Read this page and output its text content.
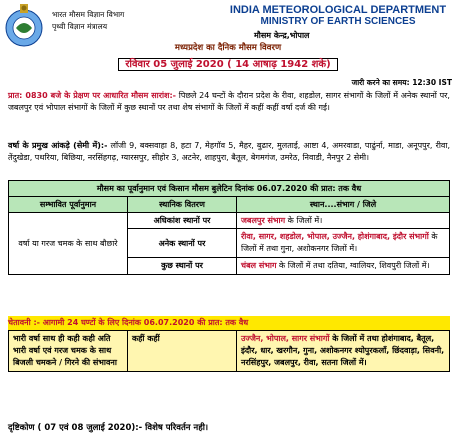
भारत मौसम विज्ञान विभाग
पृथ्वी विज्ञान मंत्रालय
INDIA METEOROLOGICAL DEPARTMENT
MINISTRY OF EARTH SCIENCES
मौसम केन्द्र,भोपाल
मध्यप्रदेश का दैनिक मौसम विवरण
रविवार 05 जुलाई 2020 ( 14 आषाढ़ 1942 शके)
जारी करने का समय: 12:30 IST
प्रात: 0830 बजे के प्रेक्षण पर आधारित मौसम सारांश:- पिछले 24 घन्टों के दौरान प्रदेश के रीवा, शहडोल, सागर संभागों के जिलों में अनेक स्थानों पर, जबलपुर एवं भोपाल संभागों के जिलों में कुछ स्थानों पर तथा शेष संभागों के जिलों में कहीं कहीं वर्षा दर्ज की गई।
वर्षा के प्रमुख आंकड़े (सेमी में):- लॉजी 9, बक्सवाहा 8, हटा 7, मेहगॉव 5, मैहर, बुढार, मुलताई, आष्टा 4, अमरवाडा, पाढुंर्ना, माडा, अनूपपुर, रीवा, तेंदुखेडा, पथरिया, बिछिया, नरसिंहगढ़, ग्यारसपुर, सीहोर 3, अटनेर, शाहपुरा, बैतूल, बेगमगंज, उमरेठ, निवाडी, नैनपुर 2 सेमी।
मौसम का पूर्वानुमान एवं किसान मौसम बुलेटिन दिनांक 06.07.2020 की प्रात: तक वैध		
सम्भावित पूर्वानुमान	स्थानिक वितरण	स्थान....संभाग / जिले
वर्षा या गरज चमक के साथ बौछारे	अधिकांश स्थानों पर	जबलपुर संभाग के जिलों में।
	अनेक स्थानों पर	रीवा, सागर, शहडोल, भोपाल, उज्जैन, होशंगाबाद, इंदौर संभागों के जिलों में तथा गुना, अशोकनगर जिलों में।
	कुछ स्थानों पर	चंबल संभाग के जिलों में तथा दतिया, ग्वालियर, शिवपुरी जिलों में।
चेतावनी :- आगामी 24 घण्टों के लिए दिनांक 06.07.2020 की प्रात: तक वैध
भारी वर्षा साथ ही कही कही अति भारी वर्षा एवं गरज चमक के साथ बिजली चमकने / गिरने की संभावना	कहीं कहीं	उज्जैन, भोपाल, सागर संभागों के जिलों में तथा होशंगाबाद, बैतूल, इंदौर, धार, खरगौन, गुना, अशोकनगर श्योपुरकलाँ, छिंदवाड़ा, सिवनी, नरसिंहपुर, जबलपुर, रीवा, सतना जिलों में।
दृष्टिकोण ( 07 एवं 08 जुलाई 2020):- विशेष परिवर्तन नही।
